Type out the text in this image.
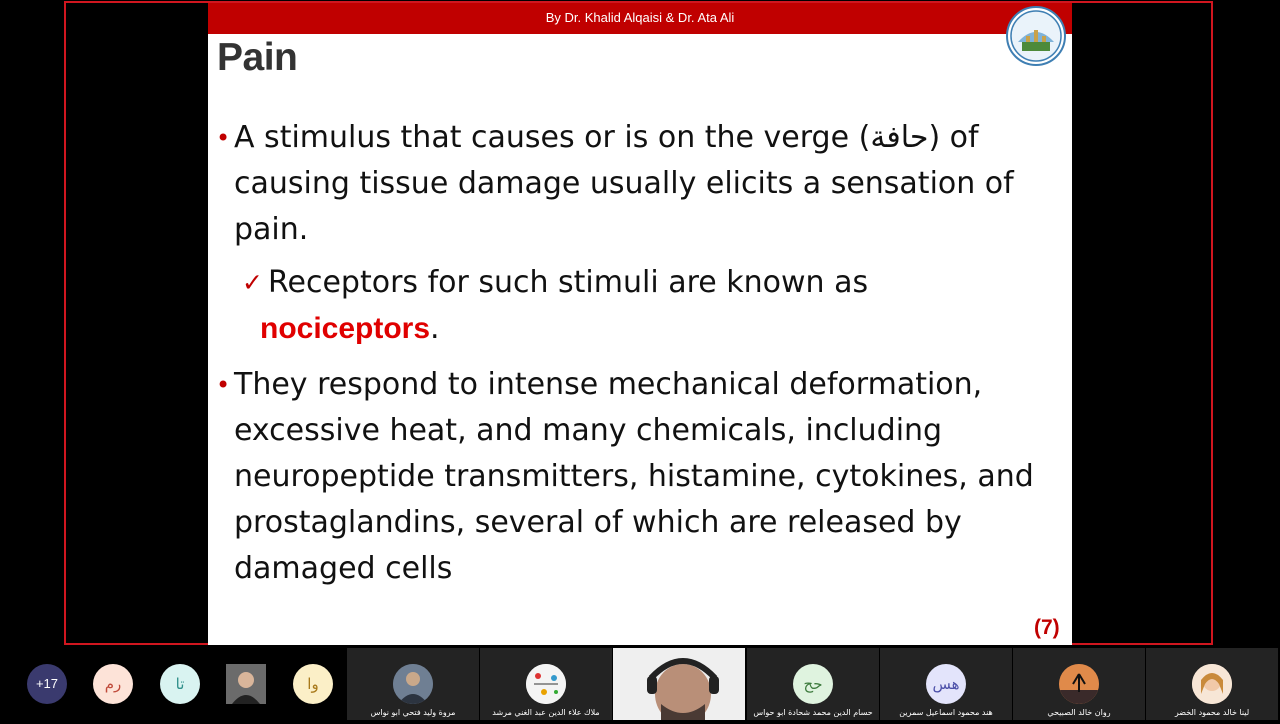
By Dr. Khalid Alqaisi & Dr. Ata Ali
Pain
• A stimulus that causes or is on the verge (حافة) of
causing tissue damage usually elicits a sensation of
pain.
✓ Receptors for such stimuli are known as
nociceptors.
• They respond to intense mechanical deformation,
excessive heat, and many chemicals, including
neuropeptide transmitters, histamine, cytokines, and
prostaglandins, several of which are released by
damaged cells
(7)
+17	رم	تا	وا
مروة وليد فتحي ابو نواس	ملاك علاء الدين عبد الغني مرشد
حح
حسام الدين محمد شحادة ابو حواس
هس
هند محمود اسماعيل سمرين	روان خالد الصبيحي	لينا خالد محمود الخضر
